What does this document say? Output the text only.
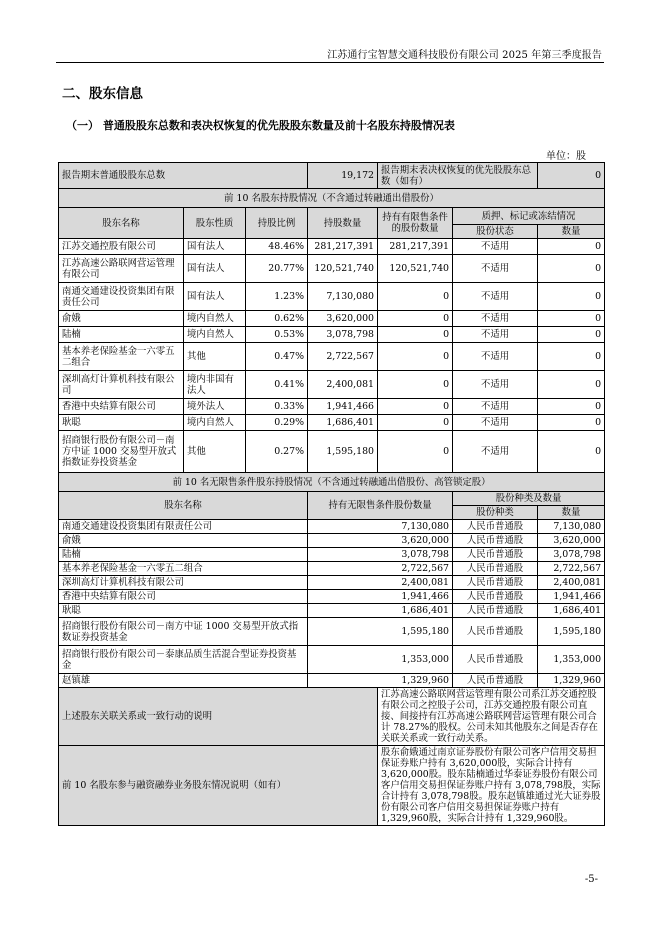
江苏通行宝智慧交通科技股份有限公司 2025 年第三季度报告
二、股东信息
（一） 普通股股东总数和表决权恢复的优先股股东数量及前十名股东持股情况表
单位：股
报告期末普通股股东总数			19,172	报告期末表决权恢复的优先股股东总数（如有）		0
前 10 名股东持股情况（不含通过转融通出借股份）						
股东名称	股东性质	持股比例	持股数量	持有有限售条件的股份数量	质押、标记或冻结情况	
					股份状态	数量
江苏交通控股有限公司	国有法人	48.46%	281,217,391	281,217,391	不适用	0
江苏高速公路联网营运管理有限公司	国有法人	20.77%	120,521,740	120,521,740	不适用	0
南通交通建设投资集团有限责任公司	国有法人	1.23%	7,130,080	0	不适用	0
俞娥	境内自然人	0.62%	3,620,000	0	不适用	0
陆楠	境内自然人	0.53%	3,078,798	0	不适用	0
基本养老保险基金一六零五二组合	其他	0.47%	2,722,567	0	不适用	0
深圳高灯计算机科技有限公司	境内非国有法人	0.41%	2,400,081	0	不适用	0
香港中央结算有限公司	境外法人	0.33%	1,941,466	0	不适用	0
耿聪	境内自然人	0.29%	1,686,401	0	不适用	0
招商银行股份有限公司－南方中证 1000 交易型开放式指数证券投资基金	其他	0.27%	1,595,180	0	不适用	0
前 10 名无限售条件股东持股情况（不含通过转融通出借股份、高管锁定股）						
股东名称			持有无限售条件股份数量		股份种类及数量	
					股份种类	数量
南通交通建设投资集团有限责任公司			7,130,080		人民币普通股	7,130,080
俞娥			3,620,000		人民币普通股	3,620,000
陆楠			3,078,798		人民币普通股	3,078,798
基本养老保险基金一六零五二组合			2,722,567		人民币普通股	2,722,567
深圳高灯计算机科技有限公司			2,400,081		人民币普通股	2,400,081
香港中央结算有限公司			1,941,466		人民币普通股	1,941,466
耿聪			1,686,401		人民币普通股	1,686,401
招商银行股份有限公司－南方中证 1000 交易型开放式指数证券投资基金			1,595,180		人民币普通股	1,595,180
招商银行股份有限公司－泰康品质生活混合型证券投资基金			1,353,000		人民币普通股	1,353,000
赵镇雄			1,329,960		人民币普通股	1,329,960
上述股东关联关系或一致行动的说明				江苏高速公路联网营运管理有限公司系江苏交通控股有限公司之控股子公司，江苏交通控股有限公司直接、间接持有江苏高速公路联网营运管理有限公司合计 78.27%的股权。公司未知其他股东之间是否存在关联关系或一致行动关系。		
前 10 名股东参与融资融券业务股东情况说明（如有）				股东俞娥通过南京证券股份有限公司客户信用交易担保证券账户持有 3,620,000股，实际合计持有 3,620,000股。股东陆楠通过华泰证券股份有限公司客户信用交易担保证券账户持有 3,078,798股，实际合计持有 3,078,798股。股东赵镇雄通过光大证券股份有限公司客户信用交易担保证券账户持有 1,329,960股，实际合计持有 1,329,960股。		
-5-
